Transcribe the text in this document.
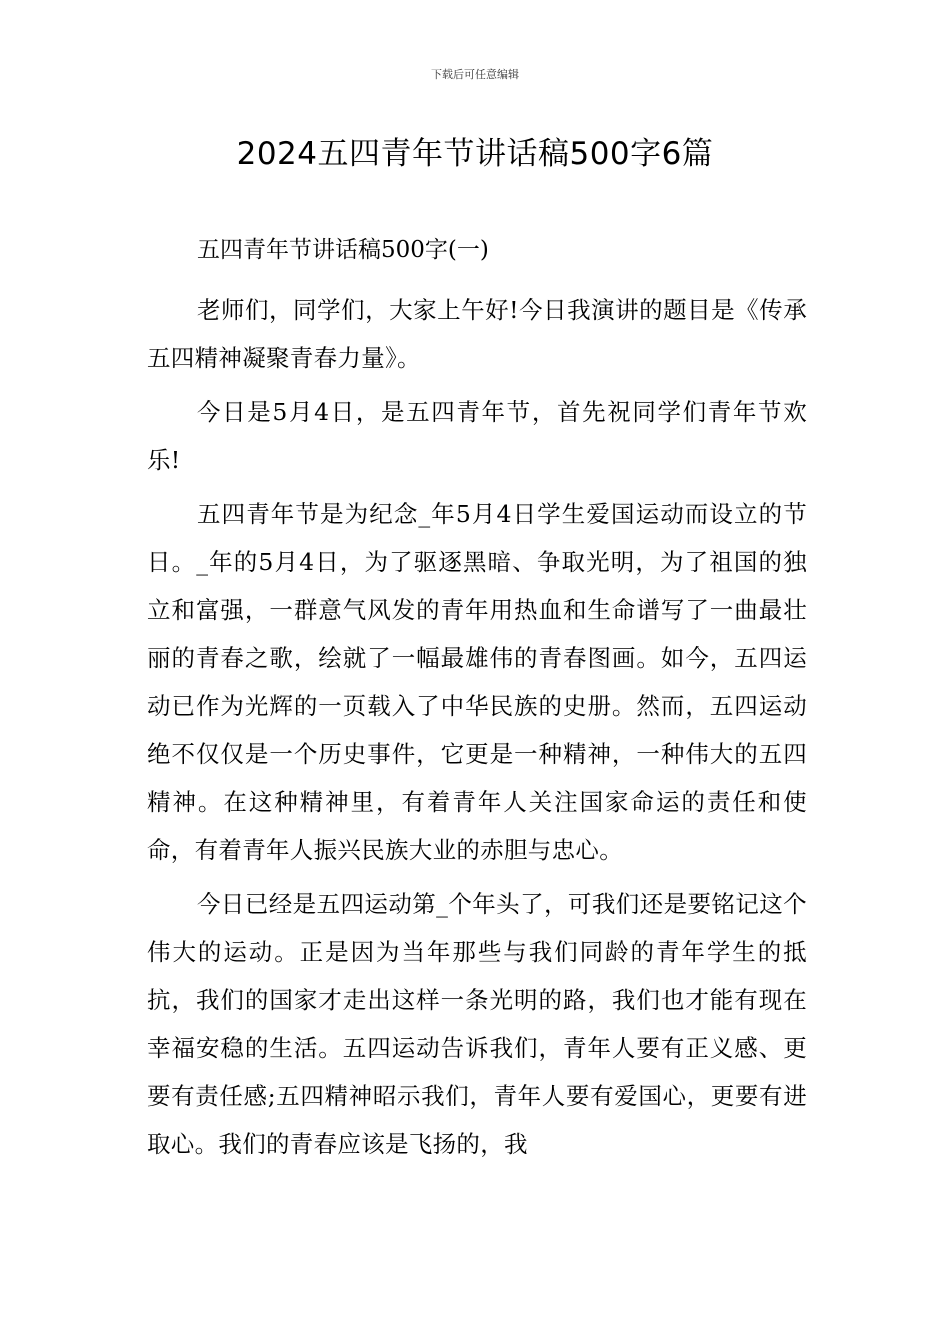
下载后可任意编辑
2024五四青年节讲话稿500字6篇
五四青年节讲话稿500字(一)

老师们，同学们，大家上午好!今日我演讲的题目是《传承五四精神凝聚青春力量》。

今日是5月4日，是五四青年节，首先祝同学们青年节欢乐!

五四青年节是为纪念_年5月4日学生爱国运动而设立的节日。_年的5月4日，为了驱逐黑暗、争取光明，为了祖国的独立和富强，一群意气风发的青年用热血和生命谱写了一曲最壮丽的青春之歌，绘就了一幅最雄伟的青春图画。如今，五四运动已作为光辉的一页载入了中华民族的史册。然而，五四运动绝不仅仅是一个历史事件，它更是一种精神，一种伟大的五四精神。在这种精神里，有着青年人关注国家命运的责任和使命，有着青年人振兴民族大业的赤胆与忠心。

今日已经是五四运动第_个年头了，可我们还是要铭记这个伟大的运动。正是因为当年那些与我们同龄的青年学生的抵抗，我们的国家才走出这样一条光明的路，我们也才能有现在幸福安稳的生活。五四运动告诉我们，青年人要有正义感、更要有责任感;五四精神昭示我们，青年人要有爱国心，更要有进取心。我们的青春应该是飞扬的，我
